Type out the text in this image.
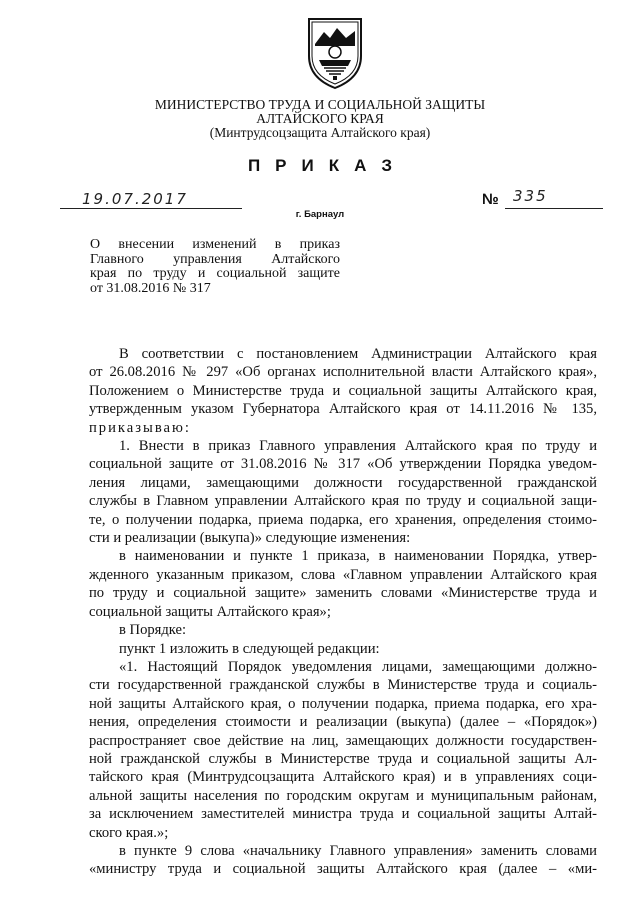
МИНИСТЕРСТВО ТРУДА И СОЦИАЛЬНОЙ ЗАЩИТЫ
АЛТАЙСКОГО КРАЯ
(Минтрудсоцзащита Алтайского края)
ПРИКАЗ
19.07.2017	№ 335
г. Барнаул
О внесении изменений в приказ
Главного управления Алтайского
края по труду и социальной защите
от 31.08.2016 № 317
В соответствии с постановлением Администрации Алтайского края
от 26.08.2016 № 297 «Об органах исполнительной власти Алтайского края»,
Положением о Министерстве труда и социальной защиты Алтайского края,
утвержденным указом Губернатора Алтайского края от 14.11.2016 № 135,
приказываю:
1. Внести в приказ Главного управления Алтайского края по труду и
социальной защите от 31.08.2016 № 317 «Об утверждении Порядка уведом-
ления лицами, замещающими должности государственной гражданской
службы в Главном управлении Алтайского края по труду и социальной защи-
те, о получении подарка, приема подарка, его хранения, определения стоимо-
сти и реализации (выкупа)» следующие изменения:
в наименовании и пункте 1 приказа, в наименовании Порядка, утвер-
жденного указанным приказом, слова «Главном управлении Алтайского края
по труду и социальной защите» заменить словами «Министерстве труда и
социальной защиты Алтайского края»;
в Порядке:
пункт 1 изложить в следующей редакции:
«1. Настоящий Порядок уведомления лицами, замещающими должно-
сти государственной гражданской службы в Министерстве труда и социаль-
ной защиты Алтайского края, о получении подарка, приема подарка, его хра-
нения, определения стоимости и реализации (выкупа) (далее – «Порядок»)
распространяет свое действие на лиц, замещающих должности государствен-
ной гражданской службы в Министерстве труда и социальной защиты Ал-
тайского края (Минтрудсоцзащита Алтайского края) и в управлениях соци-
альной защиты населения по городским округам и муниципальным районам,
за исключением заместителей министра труда и социальной защиты Алтай-
ского края.»;
в пункте 9 слова «начальнику Главного управления» заменить словами
«министру труда и социальной защиты Алтайского края (далее – «ми-
